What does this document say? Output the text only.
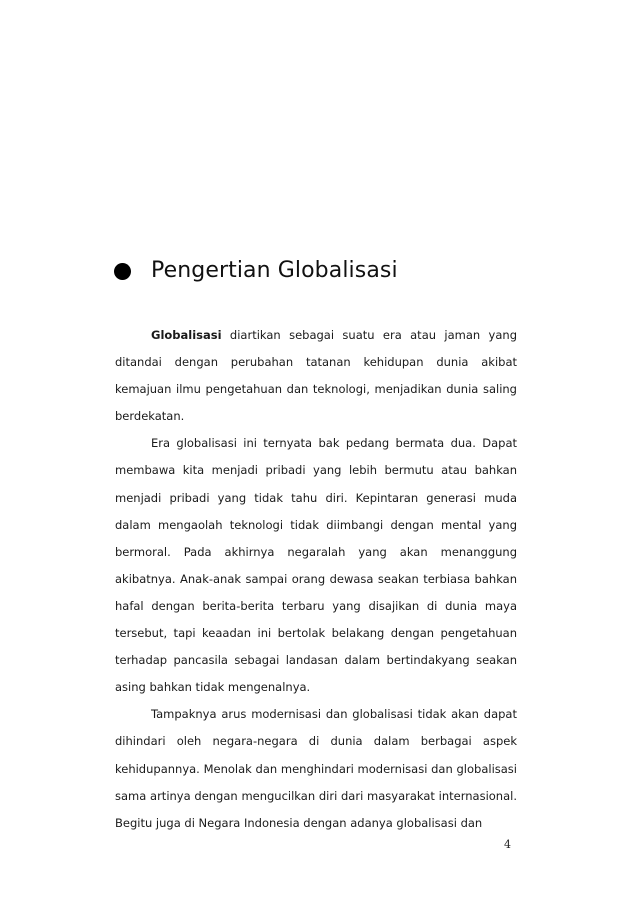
Pengertian Globalisasi

Globalisasi diartikan sebagai suatu era atau jaman yang ditandai dengan perubahan tatanan kehidupan dunia akibat kemajuan ilmu pengetahuan dan teknologi, menjadikan dunia saling berdekatan.

Era globalisasi ini ternyata bak pedang bermata dua. Dapat membawa kita menjadi pribadi yang lebih bermutu atau bahkan menjadi pribadi yang tidak tahu diri. Kepintaran generasi muda dalam mengaolah teknologi tidak diimbangi dengan mental yang bermoral. Pada akhirnya negaralah yang akan menanggung akibatnya. Anak-anak sampai orang dewasa seakan terbiasa bahkan hafal dengan berita-berita terbaru yang disajikan di dunia maya tersebut, tapi keaadan ini bertolak belakang dengan pengetahuan terhadap pancasila sebagai landasan dalam bertindakyang seakan asing bahkan tidak mengenalnya.

Tampaknya arus modernisasi dan globalisasi tidak akan dapat dihindari oleh negara-negara di dunia dalam berbagai aspek kehidupannya. Menolak dan menghindari modernisasi dan globalisasi sama artinya dengan mengucilkan diri dari masyarakat internasional. Begitu juga di Negara Indonesia dengan adanya globalisasi dan

4
